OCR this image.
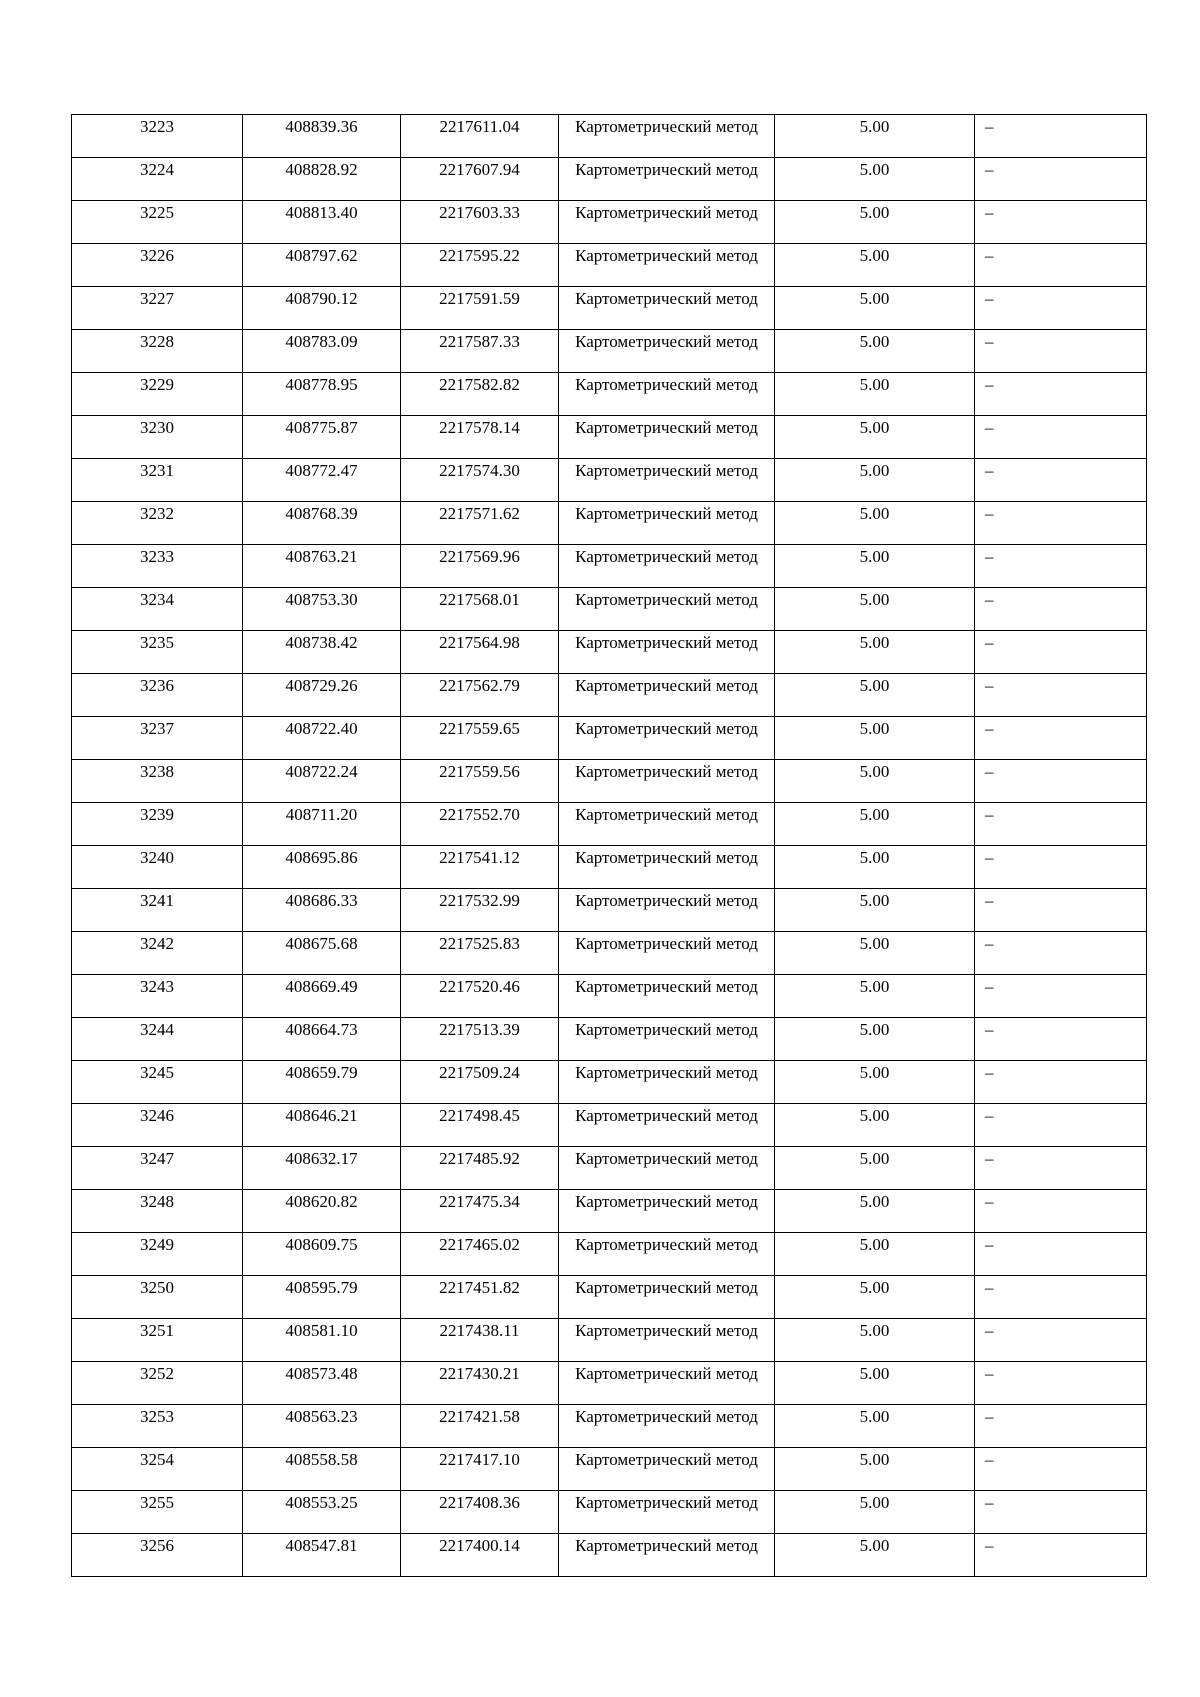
3223	408839.36	2217611.04	Картометрический метод	5.00	–

3224	408828.92	2217607.94	Картометрический метод	5.00	–

3225	408813.40	2217603.33	Картометрический метод	5.00	–

3226	408797.62	2217595.22	Картометрический метод	5.00	–

3227	408790.12	2217591.59	Картометрический метод	5.00	–

3228	408783.09	2217587.33	Картометрический метод	5.00	–

3229	408778.95	2217582.82	Картометрический метод	5.00	–

3230	408775.87	2217578.14	Картометрический метод	5.00	–

3231	408772.47	2217574.30	Картометрический метод	5.00	–

3232	408768.39	2217571.62	Картометрический метод	5.00	–

3233	408763.21	2217569.96	Картометрический метод	5.00	–

3234	408753.30	2217568.01	Картометрический метод	5.00	–

3235	408738.42	2217564.98	Картометрический метод	5.00	–

3236	408729.26	2217562.79	Картометрический метод	5.00	–

3237	408722.40	2217559.65	Картометрический метод	5.00	–

3238	408722.24	2217559.56	Картометрический метод	5.00	–

3239	408711.20	2217552.70	Картометрический метод	5.00	–

3240	408695.86	2217541.12	Картометрический метод	5.00	–

3241	408686.33	2217532.99	Картометрический метод	5.00	–

3242	408675.68	2217525.83	Картометрический метод	5.00	–

3243	408669.49	2217520.46	Картометрический метод	5.00	–

3244	408664.73	2217513.39	Картометрический метод	5.00	–

3245	408659.79	2217509.24	Картометрический метод	5.00	–

3246	408646.21	2217498.45	Картометрический метод	5.00	–

3247	408632.17	2217485.92	Картометрический метод	5.00	–

3248	408620.82	2217475.34	Картометрический метод	5.00	–

3249	408609.75	2217465.02	Картометрический метод	5.00	–

3250	408595.79	2217451.82	Картометрический метод	5.00	–

3251	408581.10	2217438.11	Картометрический метод	5.00	–

3252	408573.48	2217430.21	Картометрический метод	5.00	–

3253	408563.23	2217421.58	Картометрический метод	5.00	–

3254	408558.58	2217417.10	Картометрический метод	5.00	–

3255	408553.25	2217408.36	Картометрический метод	5.00	–

3256	408547.81	2217400.14	Картометрический метод	5.00	–
